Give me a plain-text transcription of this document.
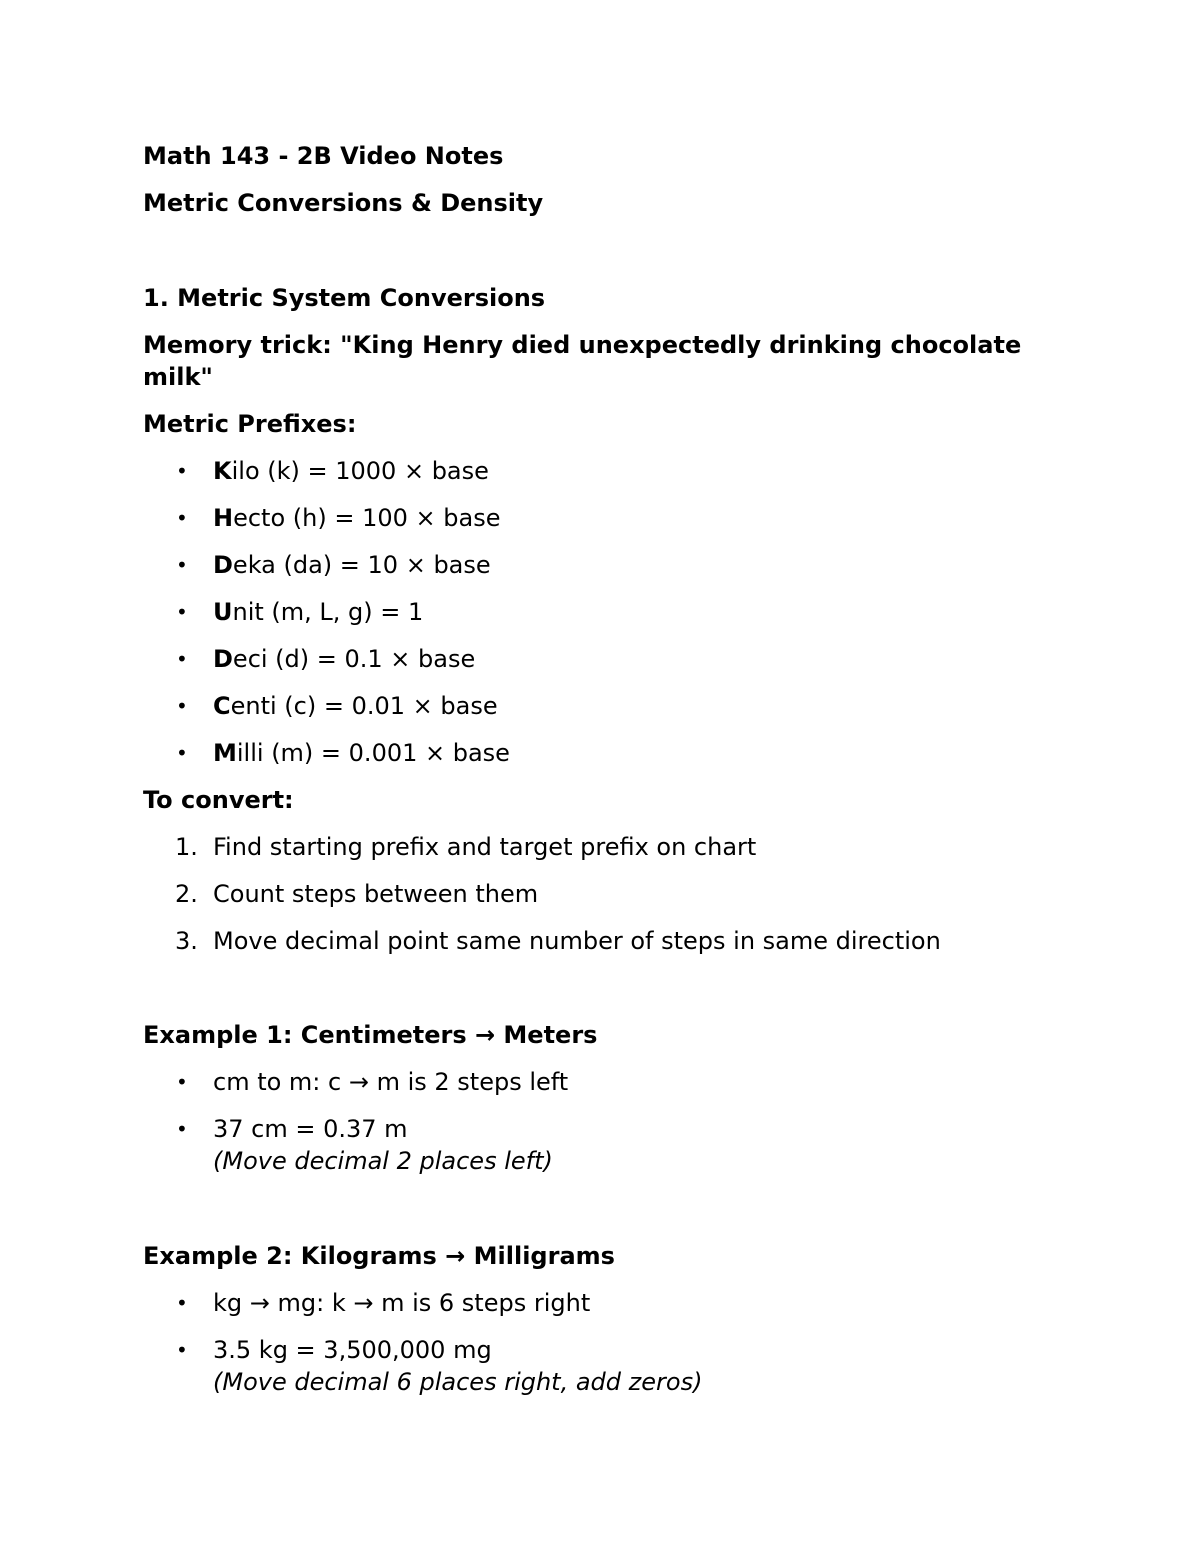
Math 143 - 2B Video Notes
Metric Conversions & Density
1. Metric System Conversions
Memory trick: "King Henry died unexpectedly drinking chocolate
milk"
Metric Prefixes:
• Kilo (k) = 1000 × base
• Hecto (h) = 100 × base
• Deka (da) = 10 × base
• Unit (m, L, g) = 1
• Deci (d) = 0.1 × base
• Centi (c) = 0.01 × base
• Milli (m) = 0.001 × base
To convert:
1. Find starting prefix and target prefix on chart
2. Count steps between them
3. Move decimal point same number of steps in same direction
Example 1: Centimeters → Meters
• cm to m: c → m is 2 steps left
• 37 cm = 0.37 m
(Move decimal 2 places left)
Example 2: Kilograms → Milligrams
• kg → mg: k → m is 6 steps right
• 3.5 kg = 3,500,000 mg
(Move decimal 6 places right, add zeros)
